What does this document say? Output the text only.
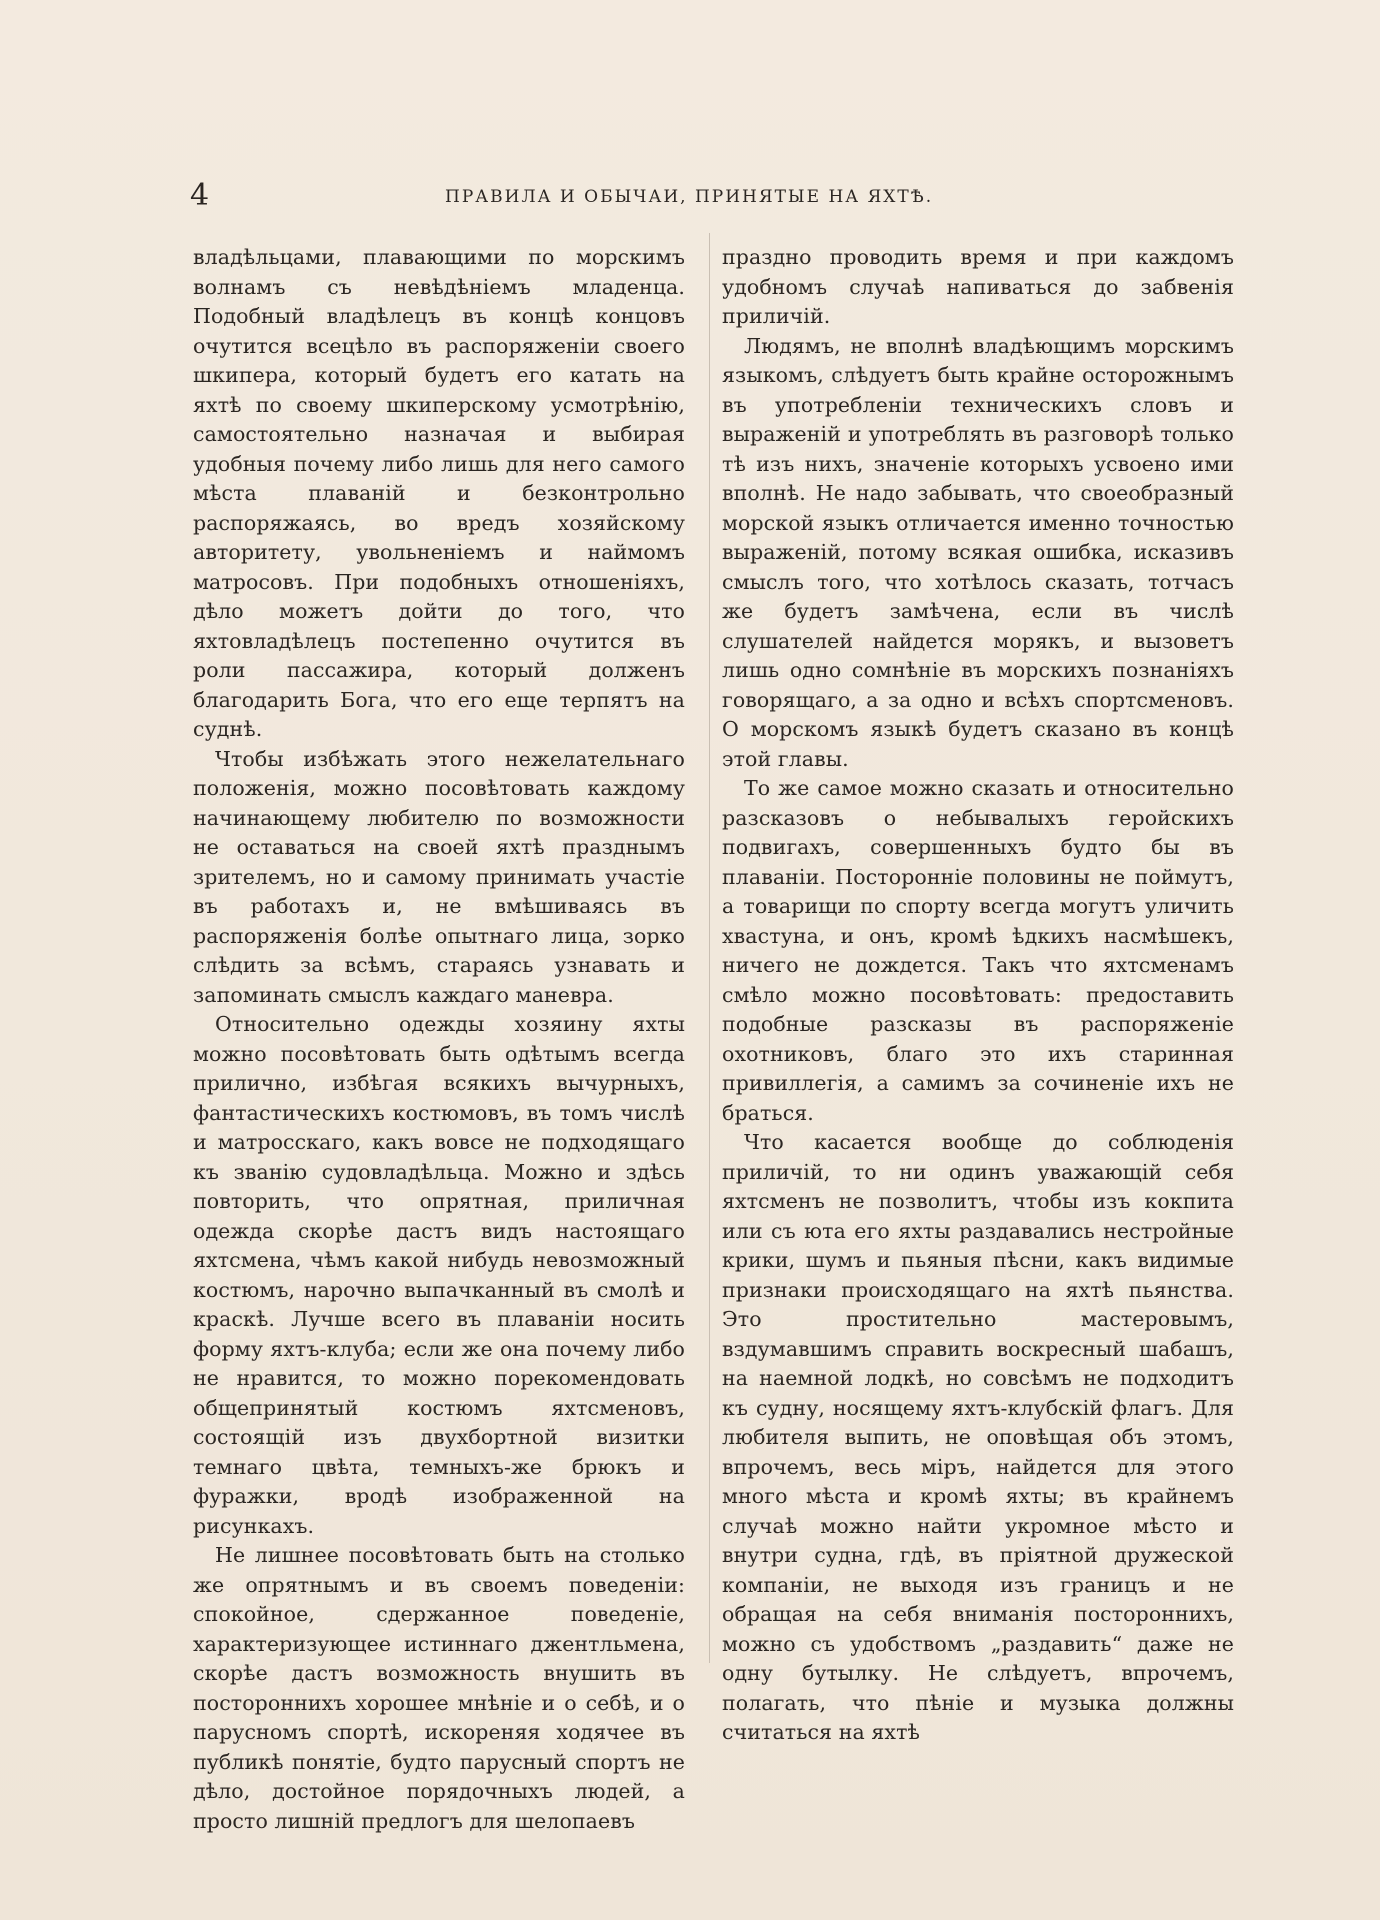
4	ПРАВИЛА И ОБЫЧАИ, ПРИНЯТЫЕ НА ЯХТѢ.

владѣльцами, плавающими по морскимъ волнамъ съ невѣдѣніемъ младенца. Подобный владѣлецъ въ концѣ концовъ очутится всецѣло въ распоряженіи своего шкипера, который будетъ его катать на яхтѣ по своему шкиперскому усмотрѣнію, самостоятельно назначая и выбирая удобныя почему либо лишь для него самого мѣста плаваній и безконтрольно распоряжаясь, во вредъ хозяйскому авторитету, увольненіемъ и наймомъ матросовъ. При подобныхъ отношеніяхъ, дѣло можетъ дойти до того, что яхтовладѣлецъ постепенно очутится въ роли пассажира, который долженъ благодарить Бога, что его еще терпятъ на суднѣ.

Чтобы избѣжать этого нежелательнаго положенія, можно посовѣтовать каждому начинающему любителю по возможности не оставаться на своей яхтѣ празднымъ зрителемъ, но и самому принимать участіе въ работахъ и, не вмѣшиваясь въ распоряженія болѣе опытнаго лица, зорко слѣдить за всѣмъ, стараясь узнавать и запоминать смыслъ каждаго маневра.

Относительно одежды хозяину яхты можно посовѣтовать быть одѣтымъ всегда прилично, избѣгая всякихъ вычурныхъ, фантастическихъ костюмовъ, въ томъ числѣ и матросскаго, какъ вовсе не подходящаго къ званію судовладѣльца. Можно и здѣсь повторить, что опрятная, приличная одежда скорѣе дастъ видъ настоящаго яхтсмена, чѣмъ какой нибудь невозможный костюмъ, нарочно выпачканный въ смолѣ и краскѣ. Лучше всего въ плаваніи носить форму яхтъ-клуба; если же она почему либо не нравится, то можно порекомендовать общепринятый костюмъ яхтсменовъ, состоящій изъ двухбортной визитки темнаго цвѣта, темныхъ-же брюкъ и фуражки, вродѣ изображенной на рисункахъ.

Не лишнее посовѣтовать быть на столько же опрятнымъ и въ своемъ поведеніи: спокойное, сдержанное поведеніе, характеризующее истиннаго джентльмена, скорѣе дастъ возможность внушить въ постороннихъ хорошее мнѣніе и о себѣ, и о парусномъ спортѣ, искореняя ходячее въ публикѣ понятіе, будто парусный спортъ не дѣло, достойное порядочныхъ людей, а просто лишній предлогъ для шелопаевъ

праздно проводить время и при каждомъ удобномъ случаѣ напиваться до забвенія приличій.

Людямъ, не вполнѣ владѣющимъ морскимъ языкомъ, слѣдуетъ быть крайне осторожнымъ въ употребленіи техническихъ словъ и выраженій и употреблять въ разговорѣ только тѣ изъ нихъ, значеніе которыхъ усвоено ими вполнѣ. Не надо забывать, что своеобразный морской языкъ отличается именно точностью выраженій, потому всякая ошибка, исказивъ смыслъ того, что хотѣлось сказать, тотчасъ же будетъ замѣчена, если въ числѣ слушателей найдется морякъ, и вызоветъ лишь одно сомнѣніе въ морскихъ познаніяхъ говорящаго, а за одно и всѣхъ спортсменовъ. О морскомъ языкѣ будетъ сказано въ концѣ этой главы.

То же самое можно сказать и относительно разсказовъ о небывалыхъ геройскихъ подвигахъ, совершенныхъ будто бы въ плаваніи. Посторонніе половины не поймутъ, а товарищи по спорту всегда могутъ уличить хвастуна, и онъ, кромѣ ѣдкихъ насмѣшекъ, ничего не дождется. Такъ что яхтсменамъ смѣло можно посовѣтовать: предоставить подобные разсказы въ распоряженіе охотниковъ, благо это ихъ старинная привиллегія, а самимъ за сочиненіе ихъ не браться.

Что касается вообще до соблюденія приличій, то ни одинъ уважающій себя яхтсменъ не позволитъ, чтобы изъ кокпита или съ юта его яхты раздавались нестройные крики, шумъ и пьяныя пѣсни, какъ видимые признаки происходящаго на яхтѣ пьянства. Это простительно мастеровымъ, вздумавшимъ справить воскресный шабашъ, на наемной лодкѣ, но совсѣмъ не подходитъ къ судну, носящему яхтъ-клубскій флагъ. Для любителя выпить, не оповѣщая объ этомъ, впрочемъ, весь міръ, найдется для этого много мѣста и кромѣ яхты; въ крайнемъ случаѣ можно найти укромное мѣсто и внутри судна, гдѣ, въ пріятной дружеской компаніи, не выходя изъ границъ и не обращая на себя вниманія постороннихъ, можно съ удобствомъ „раздавить“ даже не одну бутылку. Не слѣдуетъ, впрочемъ, полагать, что пѣніе и музыка должны считаться на яхтѣ
